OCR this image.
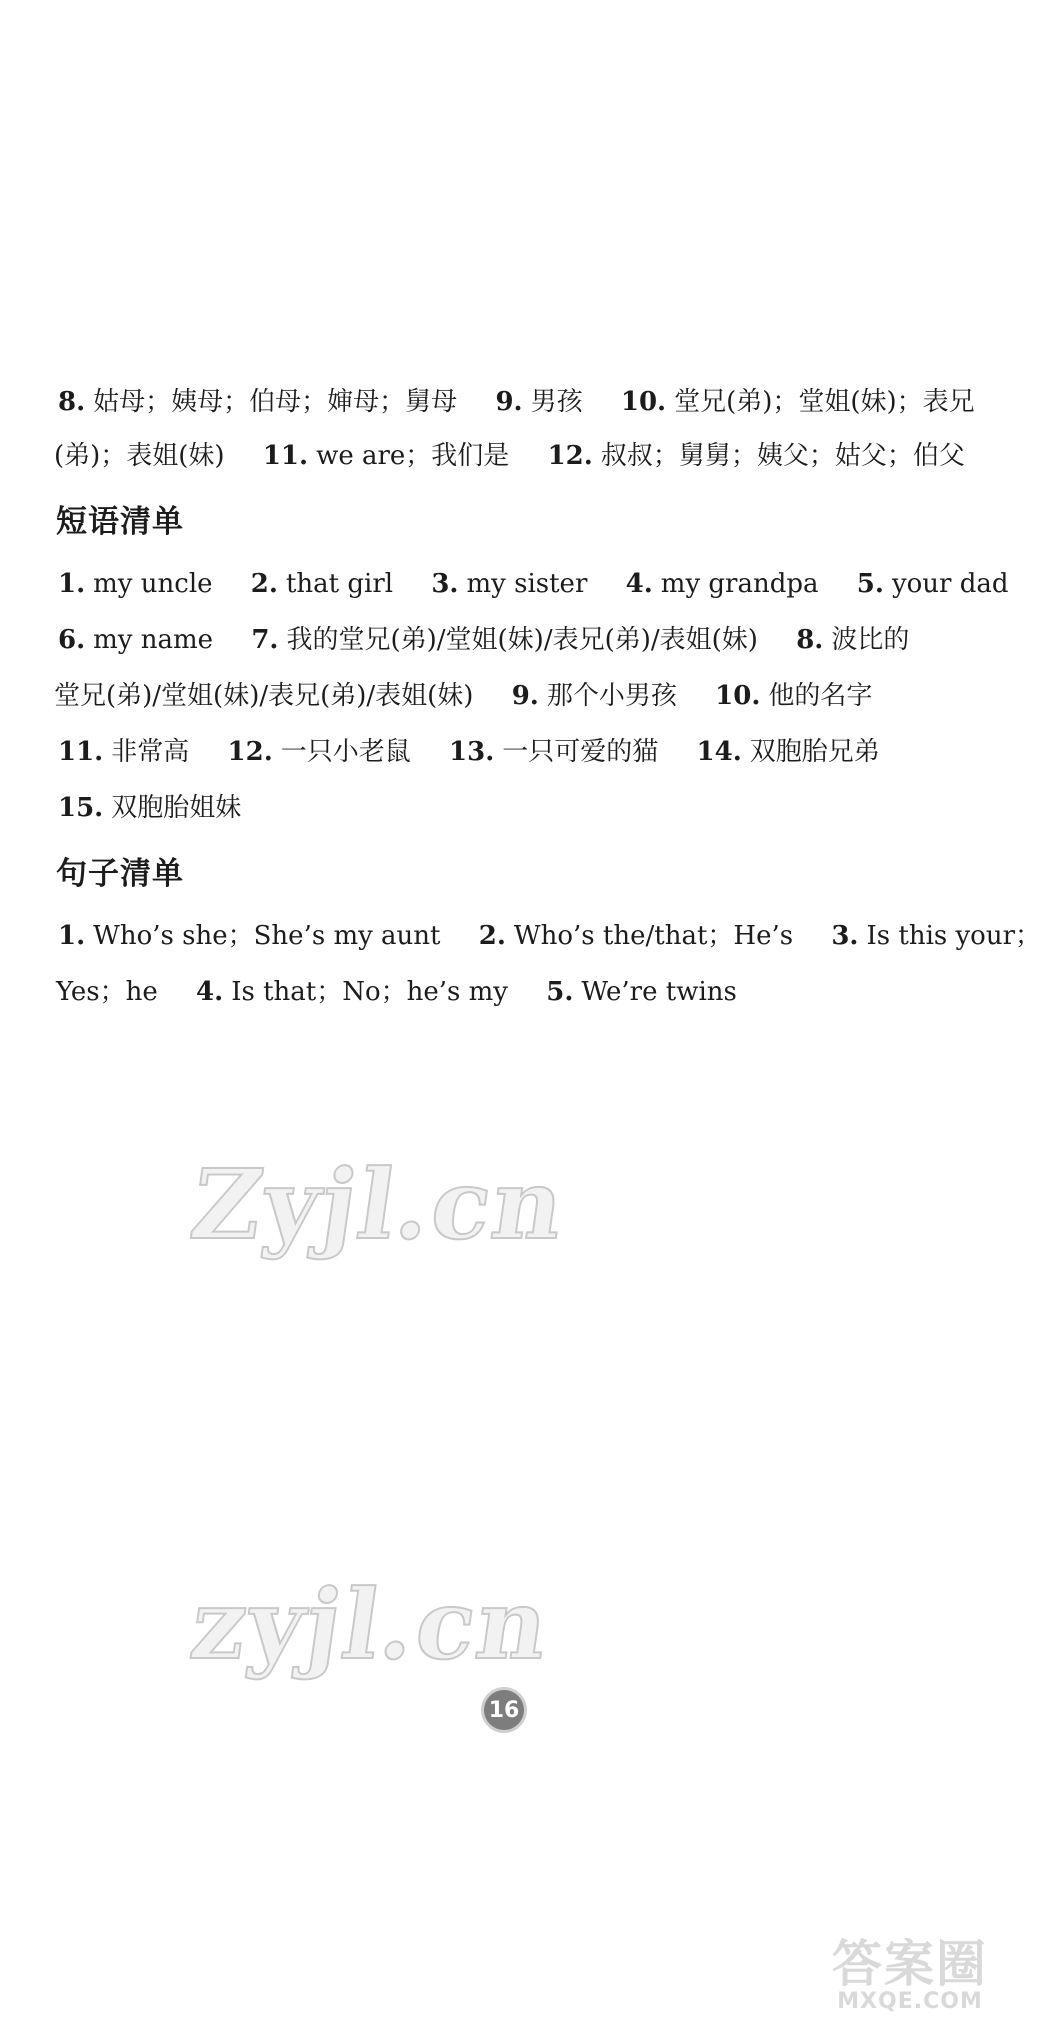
8. 姑母；姨母；伯母；婶母；舅母 9. 男孩 10. 堂兄(弟)；堂姐(妹)；表兄
(弟)；表姐(妹) 11. we are；我们是 12. 叔叔；舅舅；姨父；姑父；伯父
短语清单
1. my uncle 2. that girl 3. my sister 4. my grandpa 5. your dad
6. my name 7. 我的堂兄(弟)/堂姐(妹)/表兄(弟)/表姐(妹) 8. 波比的
堂兄(弟)/堂姐(妹)/表兄(弟)/表姐(妹) 9. 那个小男孩 10. 他的名字
11. 非常高 12. 一只小老鼠 13. 一只可爱的猫 14. 双胞胎兄弟
15. 双胞胎姐妹
句子清单
1. Who’s she；She’s my aunt 2. Who’s the/that；He’s 3. Is this your；
Yes；he 4. Is that；No；he’s my 5. We’re twins
Zyjl.cn
zyjl.cn
16
答案圈
MXQE.COM
